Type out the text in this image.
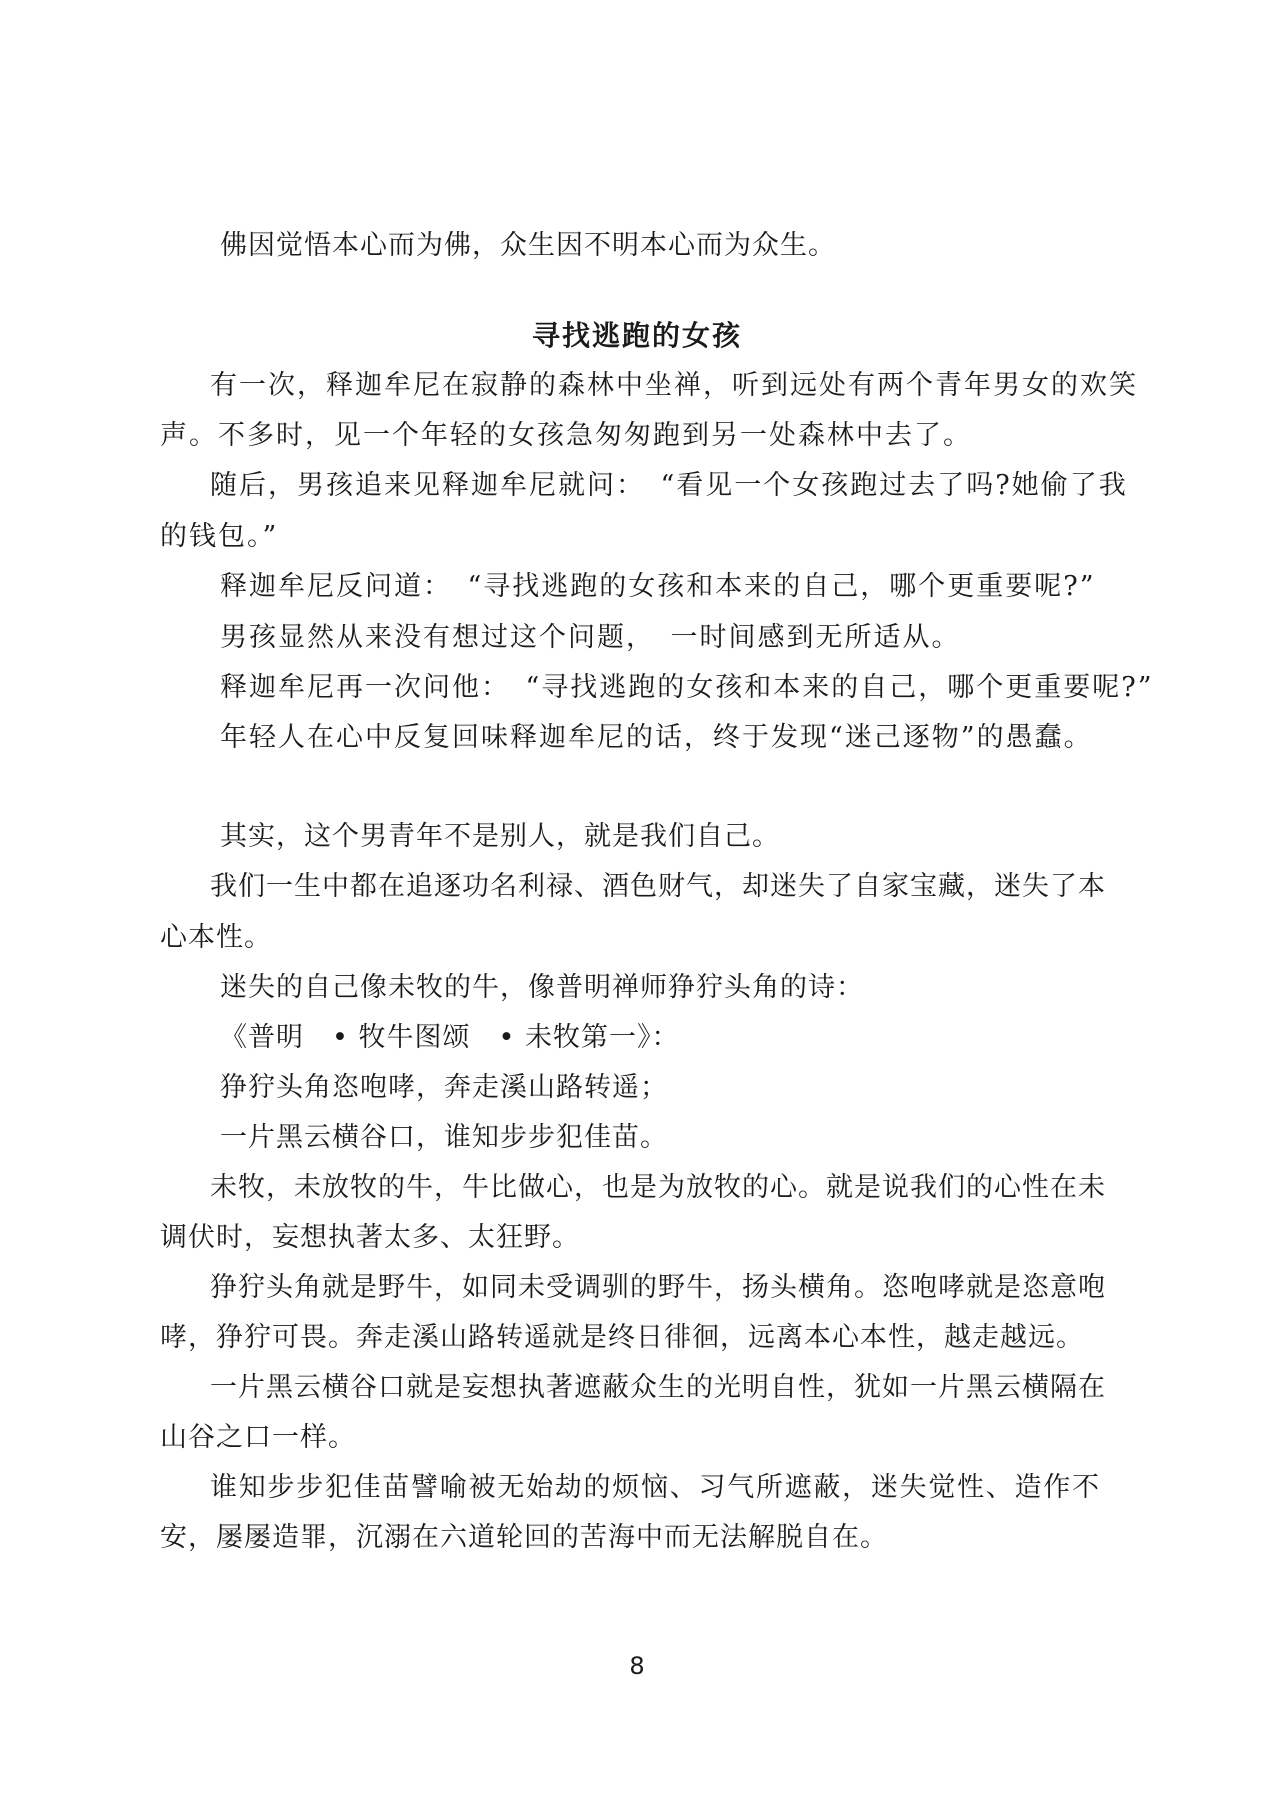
佛因觉悟本心而为佛，众生因不明本心而为众生。
寻找逃跑的女孩
有一次，释迦牟尼在寂静的森林中坐禅，听到远处有两个青年男女的欢笑
声。不多时，见一个年轻的女孩急匆匆跑到另一处森林中去了。
随后，男孩追来见释迦牟尼就问：　“看见一个女孩跑过去了吗?她偷了我
的钱包。”
释迦牟尼反问道：　“寻找逃跑的女孩和本来的自己，哪个更重要呢?”
男孩显然从来没有想过这个问题，　一时间感到无所适从。
释迦牟尼再一次问他：　“寻找逃跑的女孩和本来的自己，哪个更重要呢?”
年轻人在心中反复回味释迦牟尼的话，终于发现“迷己逐物”的愚蠢。
其实，这个男青年不是别人，就是我们自己。
我们一生中都在追逐功名利禄、酒色财气，却迷失了自家宝藏，迷失了本
心本性。
迷失的自己像未牧的牛，像普明禅师狰狞头角的诗：
《普明　• 牧牛图颂　• 未牧第一》：
狰狞头角恣咆哮，奔走溪山路转遥；
一片黑云横谷口，谁知步步犯佳苗。
未牧，未放牧的牛，牛比做心，也是为放牧的心。就是说我们的心性在未
调伏时，妄想执著太多、太狂野。
狰狞头角就是野牛，如同未受调驯的野牛，扬头横角。恣咆哮就是恣意咆
哮，狰狞可畏。奔走溪山路转遥就是终日徘徊，远离本心本性，越走越远。
一片黑云横谷口就是妄想执著遮蔽众生的光明自性，犹如一片黑云横隔在
山谷之口一样。
谁知步步犯佳苗譬喻被无始劫的烦恼、习气所遮蔽，迷失觉性、造作不
安，屡屡造罪，沉溺在六道轮回的苦海中而无法解脱自在。
8
